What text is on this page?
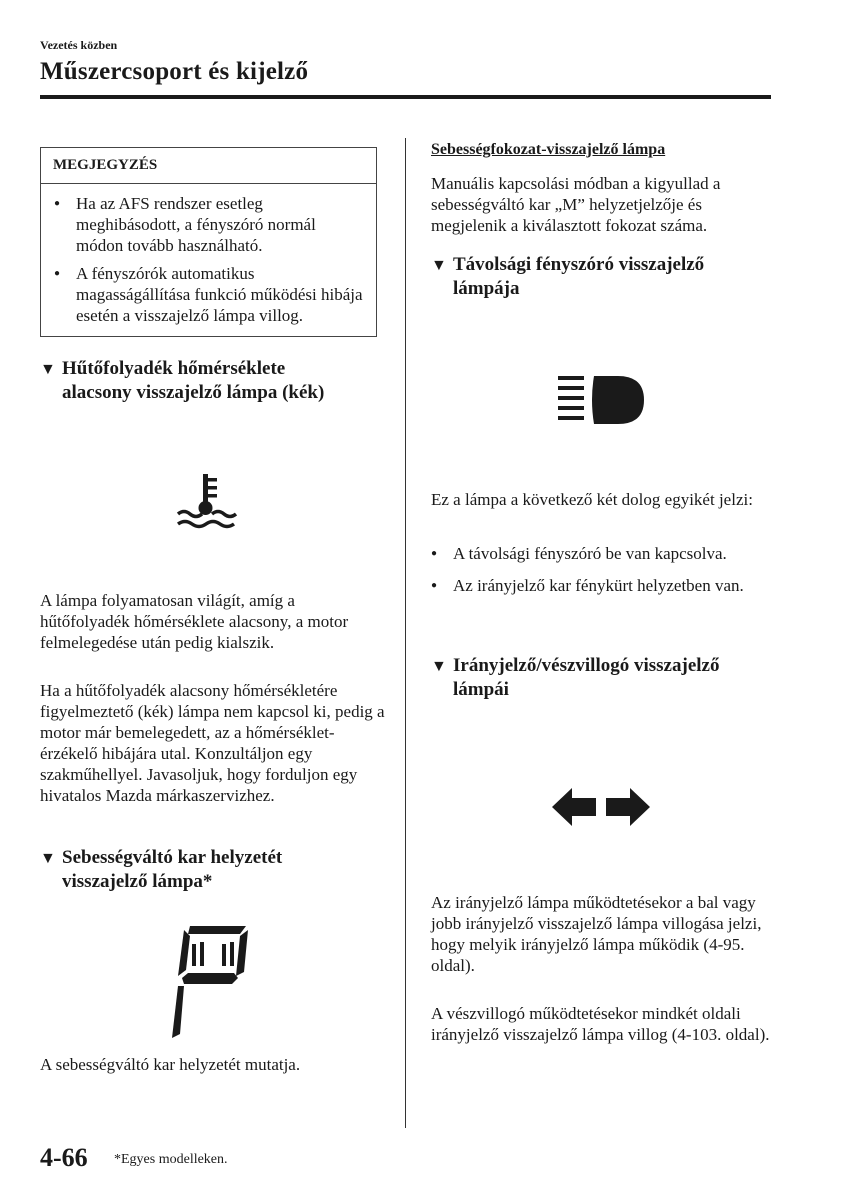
Vezetés közben
Műszercsoport és kijelző
MEGJEGYZÉS
● Ha az AFS rendszer esetleg meghibásodott, a fényszóró normál módon tovább használható.
● A fényszórók automatikus magasságállítása funkció működési hibája esetén a visszajelző lámpa villog.
▼ Hűtőfolyadék hőmérséklete
alacsony visszajelző lámpa (kék)
A lámpa folyamatosan világít, amíg a hűtőfolyadék hőmérséklete alacsony, a motor felmelegedése után pedig kialszik.
Ha a hűtőfolyadék alacsony hőmérsékletére figyelmeztető (kék) lámpa nem kapcsol ki, pedig a motor már bemelegedett, az a hőmérséklet-érzékelő hibájára utal. Konzultáljon egy szakműhellyel. Javasoljuk, hogy forduljon egy hivatalos Mazda márkaszervizhez.
▼ Sebességváltó kar helyzetét
visszajelző lámpa*
A sebességváltó kar helyzetét mutatja.
Sebességfokozat-visszajelző lámpa
Manuális kapcsolási módban a kigyullad a sebességváltó kar „M” helyzetjelzője és megjelenik a kiválasztott fokozat száma.
▼ Távolsági fényszóró visszajelző
lámpája
Ez a lámpa a következő két dolog egyikét jelzi:
● A távolsági fényszóró be van kapcsolva.
● Az irányjelző kar fénykürt helyzetben van.
▼ Irányjelző/vészvillogó visszajelző
lámpái
Az irányjelző lámpa működtetésekor a bal vagy jobb irányjelző visszajelző lámpa villogása jelzi, hogy melyik irányjelző lámpa működik (4-95. oldal).
A vészvillogó működtetésekor mindkét oldali irányjelző visszajelző lámpa villog (4-103. oldal).
4-66 *Egyes modelleken.
